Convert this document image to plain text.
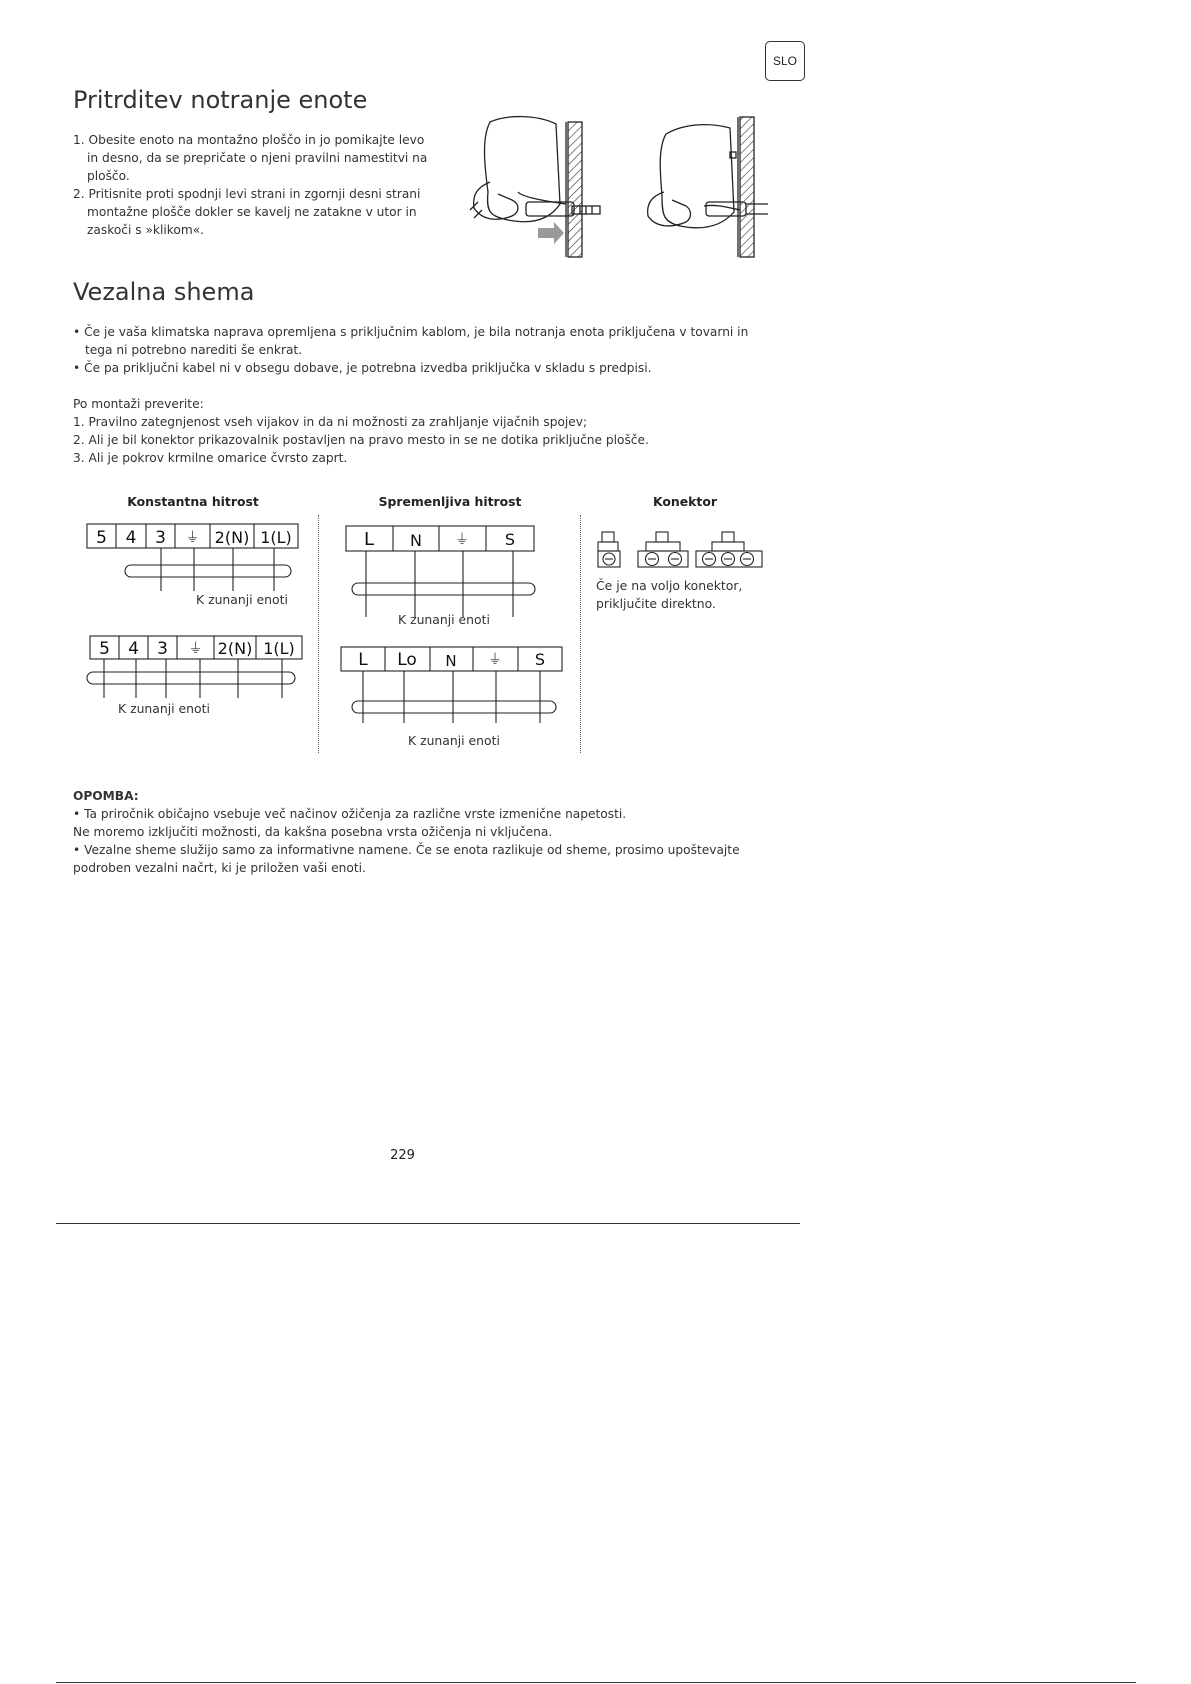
SLO
Pritrditev notranje enote
1. Obesite enoto na montažno ploščo in jo pomikajte levo in desno, da se prepričate o njeni pravilni namestitvi na ploščo.
2. Pritisnite proti spodnji levi strani in zgornji desni strani montažne plošče dokler se kavelj ne zatakne v utor in zaskoči s »klikom«.
Vezalna shema
• Če je vaša klimatska naprava opremljena s priključnim kablom, je bila notranja enota priključena v tovarni in tega ni potrebno narediti še enkrat.
• Če pa priključni kabel ni v obsegu dobave, je potrebna izvedba priključka v skladu s predpisi.
Po montaži preverite:
1. Pravilno zategnjenost vseh vijakov in da ni možnosti za zrahljanje vijačnih spojev;
2. Ali je bil konektor prikazovalnik postavljen na pravo mesto in se ne dotika priključne plošče.
3. Ali je pokrov krmilne omarice čvrsto zaprt.
Konstantna hitrost	Spremenljiva hitrost	Konektor
5 4 3 ⏚ 2(N) 1(L)
K zunanji enoti
5 4 3 ⏚ 2(N) 1(L)
K zunanji enoti
L N ⏚ S
K zunanji enoti
L Lo N ⏚ S
K zunanji enoti
Če je na voljo konektor, priključite direktno.
OPOMBA:
• Ta priročnik običajno vsebuje več načinov ožičenja za različne vrste izmenične napetosti.
Ne moremo izključiti možnosti, da kakšna posebna vrsta ožičenja ni vključena.
• Vezalne sheme služijo samo za informativne namene. Če se enota razlikuje od sheme, prosimo upoštevajte podroben vezalni načrt, ki je priložen vaši enoti.
229
